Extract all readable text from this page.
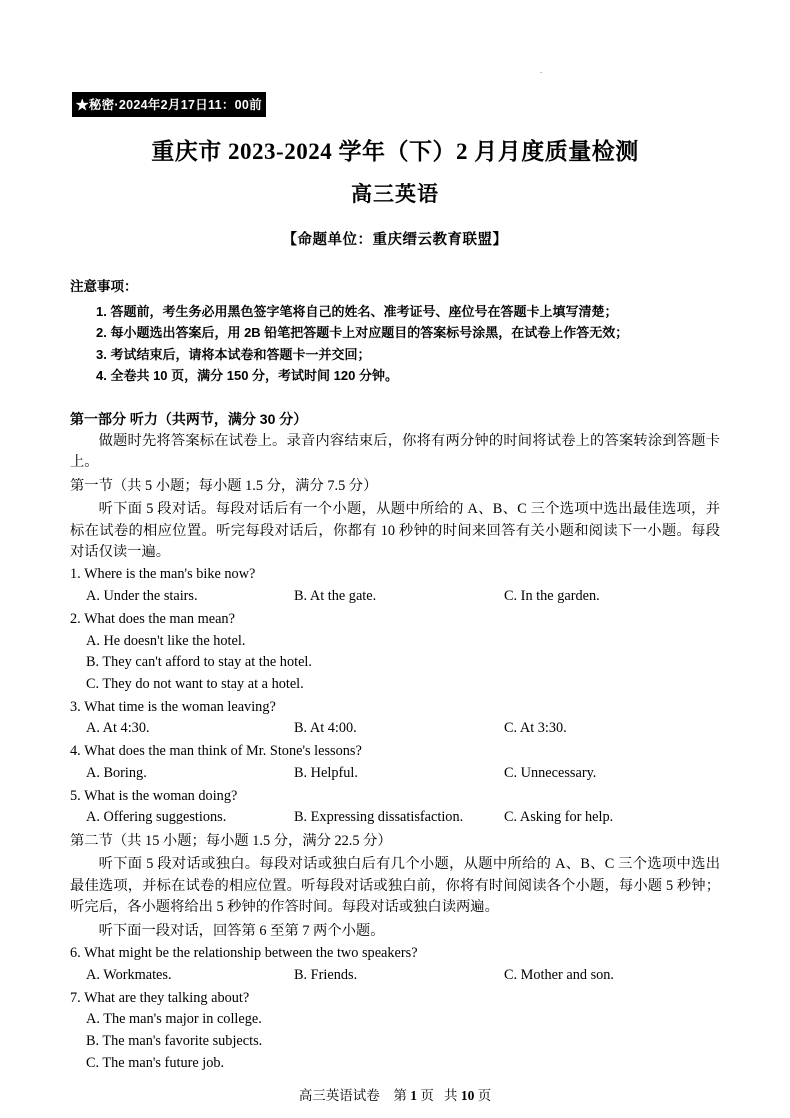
.
★秘密·2024年2月17日11：00前
重庆市 2023-2024 学年（下）2 月月度质量检测
高三英语
【命题单位：重庆缙云教育联盟】
注意事项：
1. 答题前，考生务必用黑色签字笔将自己的姓名、准考证号、座位号在答题卡上填写清楚；
2. 每小题选出答案后，用 2B 铅笔把答题卡上对应题目的答案标号涂黑，在试卷上作答无效；
3. 考试结束后，请将本试卷和答题卡一并交回；
4. 全卷共 10 页，满分 150 分，考试时间 120 分钟。
第一部分 听力（共两节，满分 30 分）

做题时先将答案标在试卷上。录音内容结束后，你将有两分钟的时间将试卷上的答案转涂到答题卡上。

第一节（共 5 小题；每小题 1.5 分，满分 7.5 分）

听下面 5 段对话。每段对话后有一个小题，从题中所给的 A、B、C 三个选项中选出最佳选项，并标在试卷的相应位置。听完每段对话后，你都有 10 秒钟的时间来回答有关小题和阅读下一小题。每段对话仅读一遍。

1. Where is the man's bike now?
A. Under the stairs.	B. At the gate.	C. In the garden.
2. What does the man mean?
A. He doesn't like the hotel.
B. They can't afford to stay at the hotel.
C. They do not want to stay at a hotel.
3. What time is the woman leaving?
A. At 4:30.	B. At 4:00.	C. At 3:30.
4. What does the man think of Mr. Stone's lessons?
A. Boring.	B. Helpful.	C. Unnecessary.
5. What is the woman doing?
A. Offering suggestions.	B. Expressing dissatisfaction.	C. Asking for help.

第二节（共 15 小题；每小题 1.5 分，满分 22.5 分）

听下面 5 段对话或独白。每段对话或独白后有几个小题，从题中所给的 A、B、C 三个选项中选出最佳选项，并标在试卷的相应位置。听每段对话或独白前，你将有时间阅读各个小题，每小题 5 秒钟；听完后，各小题将给出 5 秒钟的作答时间。每段对话或独白读两遍。

听下面一段对话，回答第 6 至第 7 两个小题。

6. What might be the relationship between the two speakers?
A. Workmates.	B. Friends.	C. Mother and son.
7. What are they talking about?
A. The man's major in college.
B. The man's favorite subjects.
C. The man's future job.
高三英语试卷 第 1 页 共 10 页
